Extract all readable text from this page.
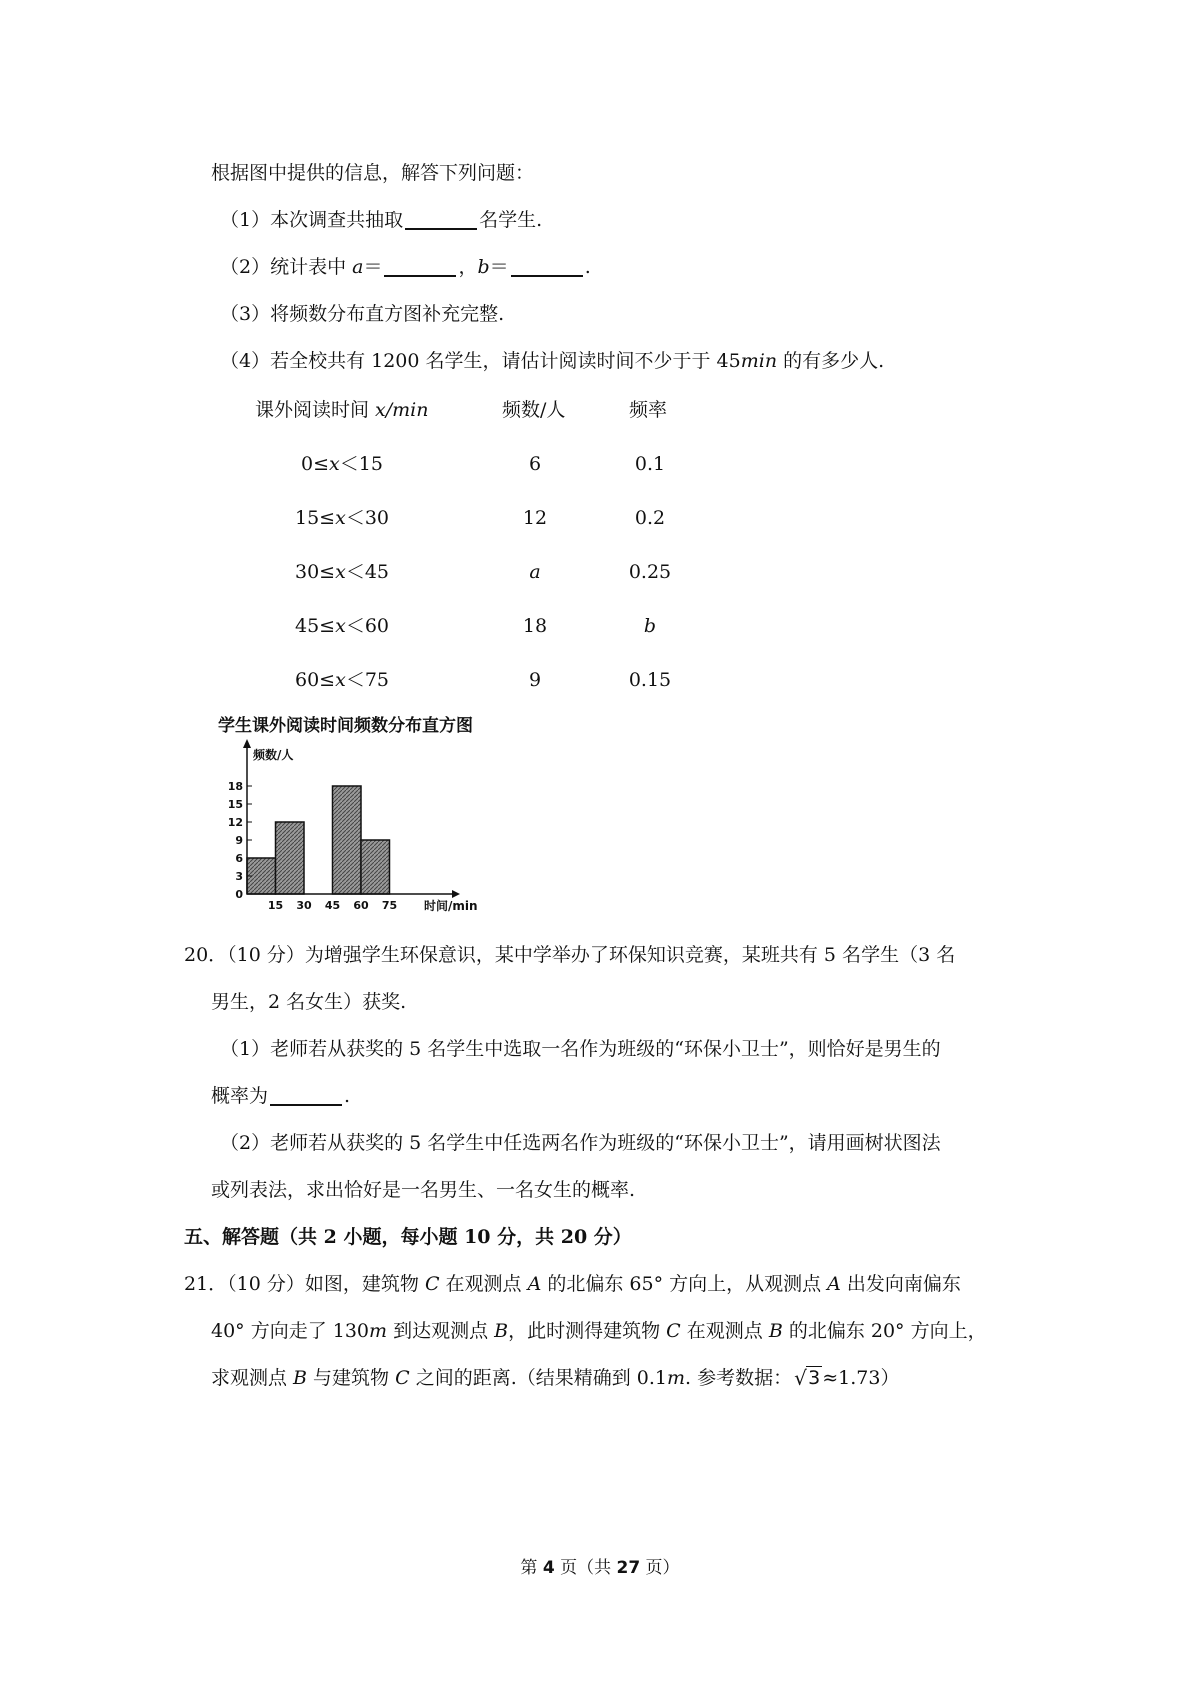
根据图中提供的信息，解答下列问题：
（1）本次调查共抽取	名学生.
（2）统计表中 a＝	，b＝	.
（3）将频数分布直方图补充完整.
（4）若全校共有 1200 名学生，请估计阅读时间不少于于 45min 的有多少人.
课外阅读时间 x/min	频数/人	频率
0≤x＜15	6	0.1
15≤x＜30	12	0.2
30≤x＜45	a	0.25
45≤x＜60	18	b
60≤x＜75	9	0.15
学生课外阅读时间频数分布直方图
0
3
6
9
12
15
18
15 30 45 60 75
频数/人
时间/min
20．（10 分）为增强学生环保意识，某中学举办了环保知识竞赛，某班共有 5 名学生（3 名
男生，2 名女生）获奖.
（1）老师若从获奖的 5 名学生中选取一名作为班级的“环保小卫士”，则恰好是男生的
概率为	.
（2）老师若从获奖的 5 名学生中任选两名作为班级的“环保小卫士”，请用画树状图法
或列表法，求出恰好是一名男生、一名女生的概率.
五、解答题（共 2 小题，每小题 10 分，共 20 分）
21．（10 分）如图，建筑物 C 在观测点 A 的北偏东 65° 方向上，从观测点 A 出发向南偏东
40° 方向走了 130m 到达观测点 B，此时测得建筑物 C 在观测点 B 的北偏东 20° 方向上，
求观测点 B 与建筑物 C 之间的距离.（结果精确到 0.1m. 参考数据： √ 3 ≈1.73）
第 4 页（共 27 页）
